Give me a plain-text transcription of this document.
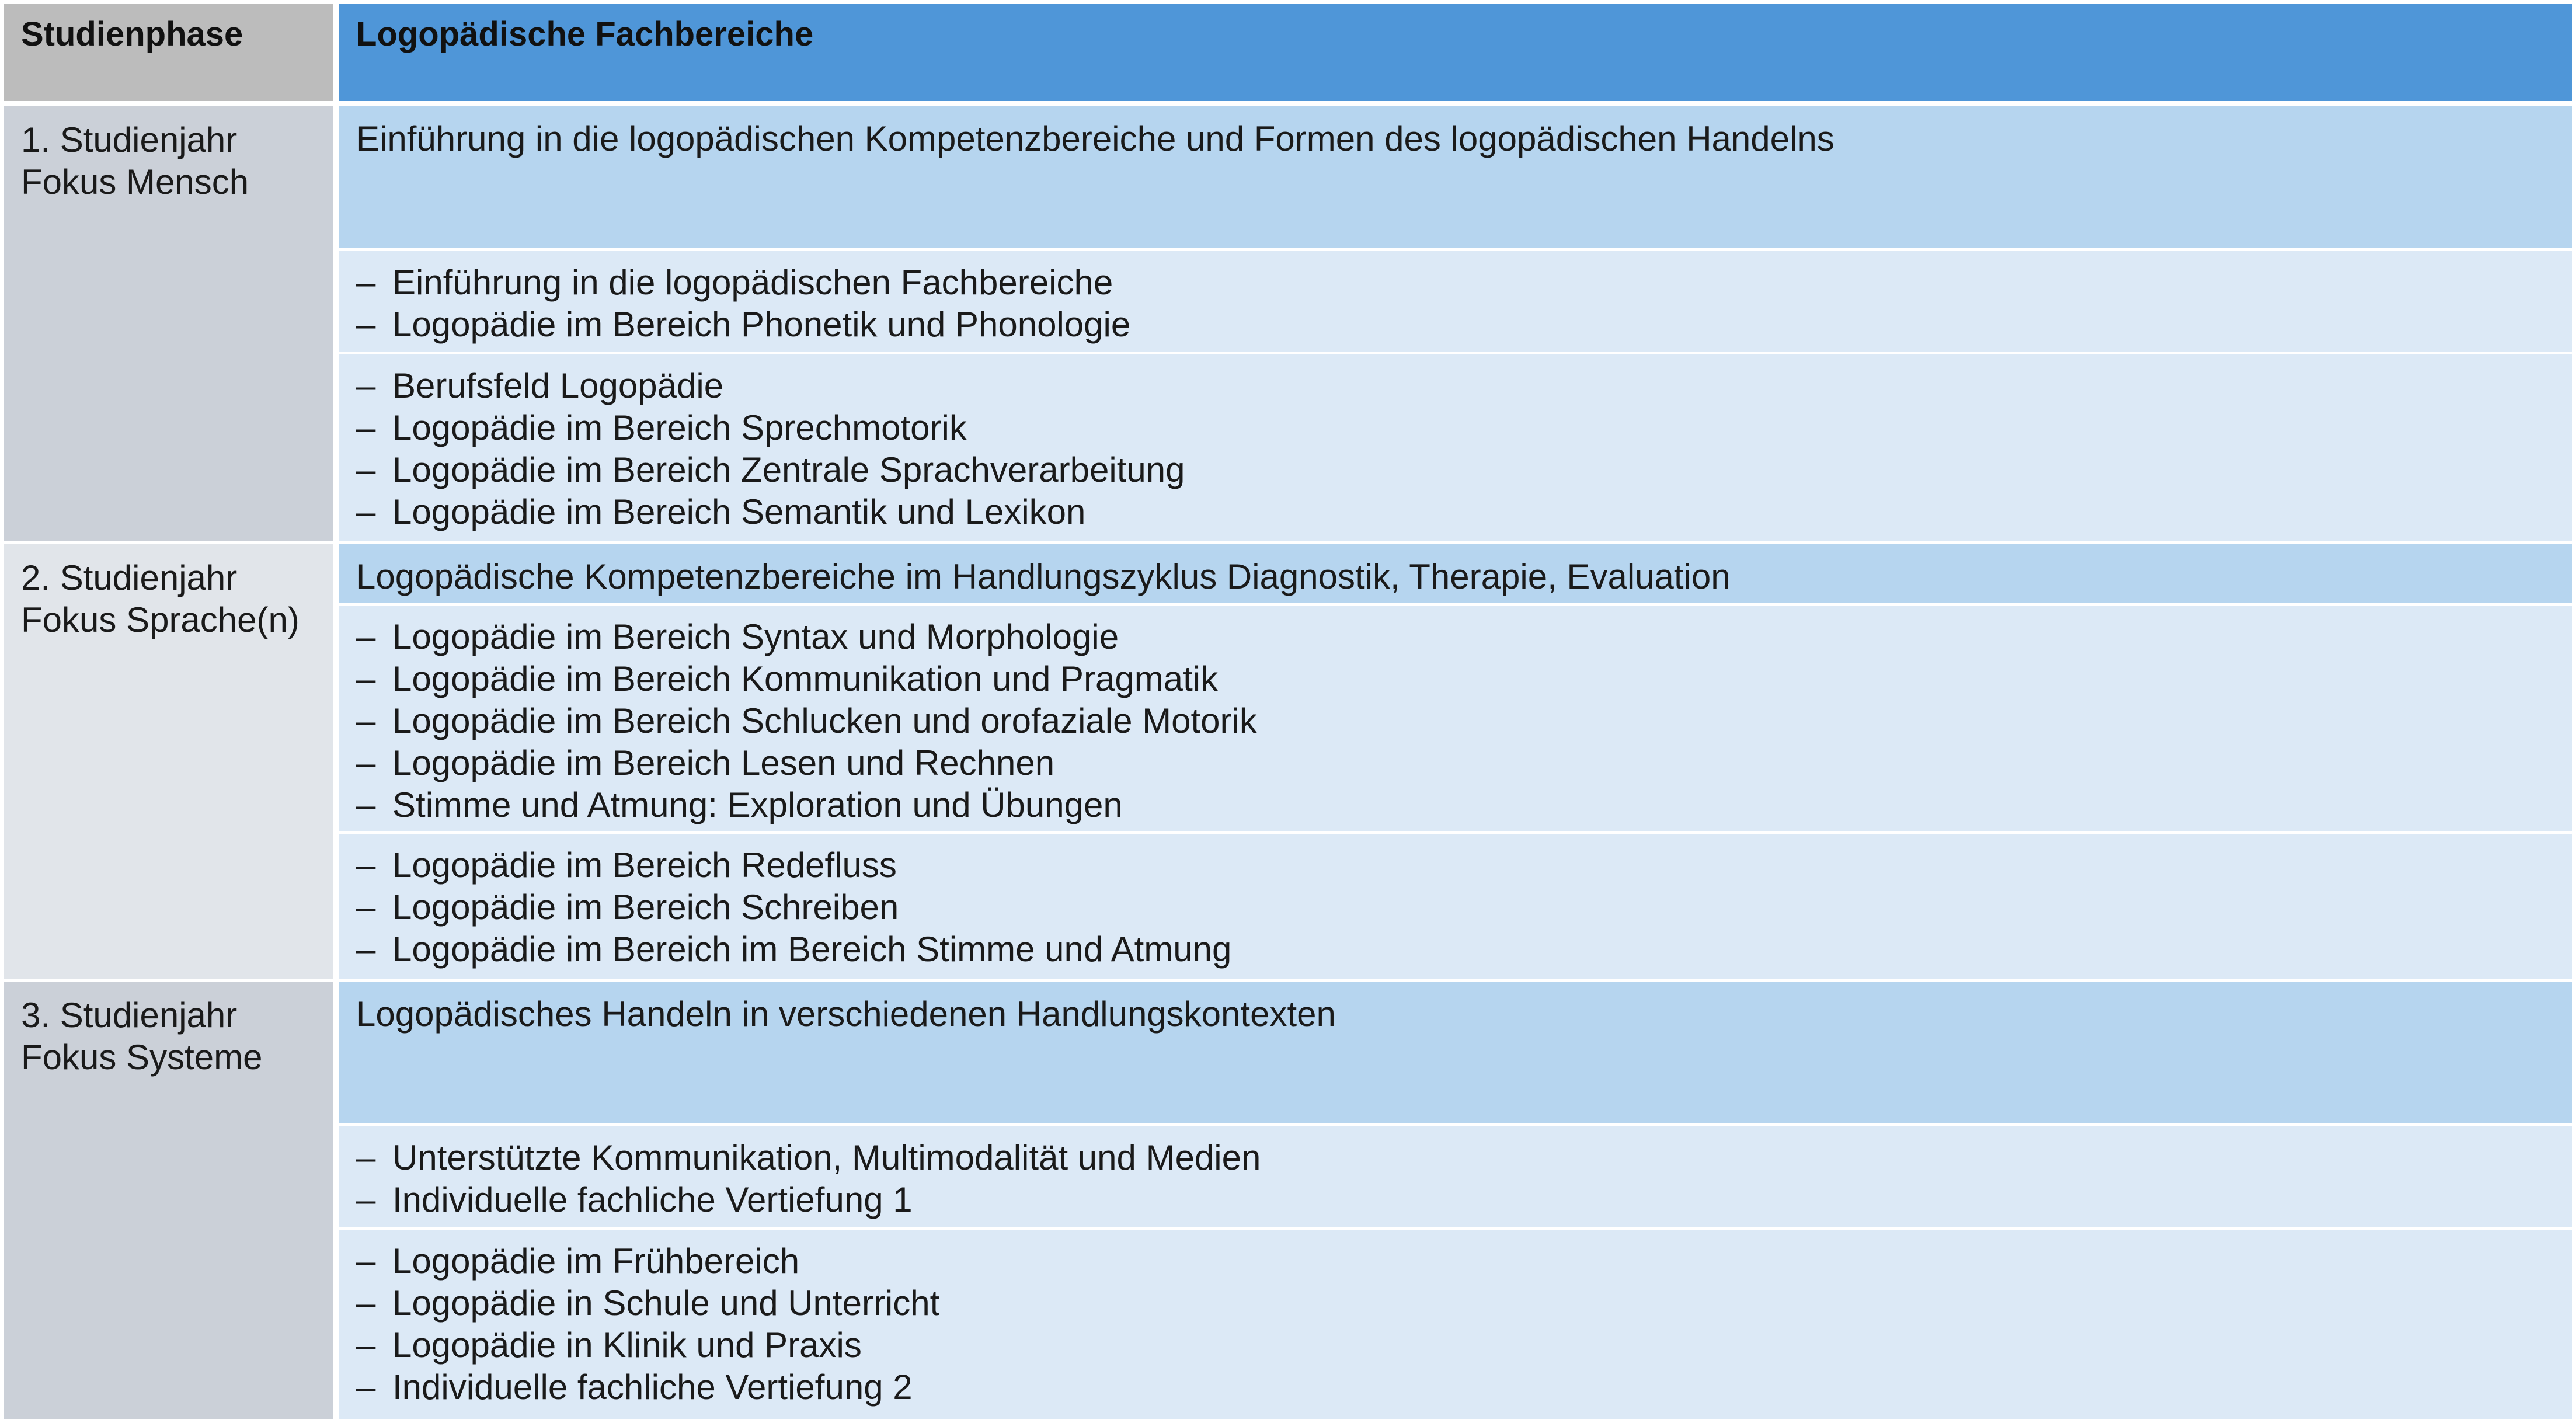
Studienphase	Logopädische Fachbereiche
1. Studienjahr
Fokus Mensch
Einführung in die logopädischen Kompetenzbereiche und Formen des logopädischen Handelns
– Einführung in die logopädischen Fachbereiche
– Logopädie im Bereich Phonetik und Phonologie
– Berufsfeld Logopädie
– Logopädie im Bereich Sprechmotorik
– Logopädie im Bereich Zentrale Sprachverarbeitung
– Logopädie im Bereich Semantik und Lexikon
2. Studienjahr
Fokus Sprache(n)
Logopädische Kompetenzbereiche im Handlungszyklus Diagnostik, Therapie, Evaluation
– Logopädie im Bereich Syntax und Morphologie
– Logopädie im Bereich Kommunikation und Pragmatik
– Logopädie im Bereich Schlucken und orofaziale Motorik
– Logopädie im Bereich Lesen und Rechnen
– Stimme und Atmung: Exploration und Übungen
– Logopädie im Bereich Redefluss
– Logopädie im Bereich Schreiben
– Logopädie im Bereich im Bereich Stimme und Atmung
3. Studienjahr
Fokus Systeme
Logopädisches Handeln in verschiedenen Handlungskontexten
– Unterstützte Kommunikation, Multimodalität und Medien
– Individuelle fachliche Vertiefung 1
– Logopädie im Frühbereich
– Logopädie in Schule und Unterricht
– Logopädie in Klinik und Praxis
– Individuelle fachliche Vertiefung 2
